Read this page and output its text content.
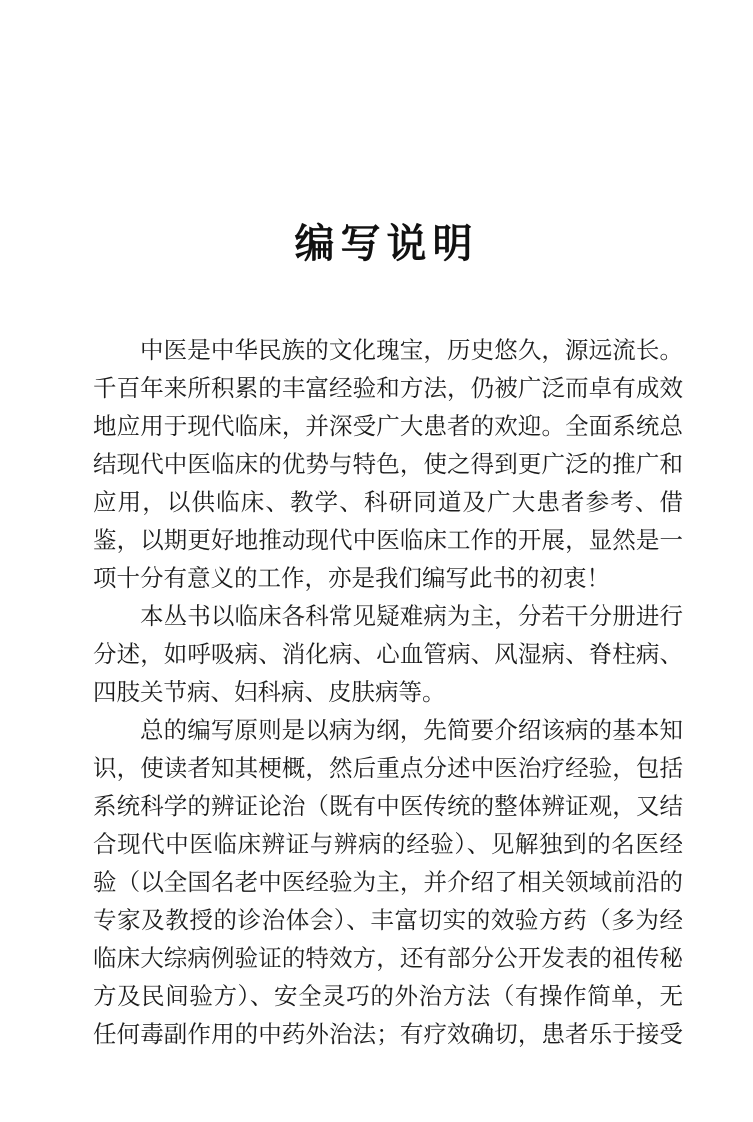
编写说明

中医是中华民族的文化瑰宝，历史悠久，源远流长。千百年来所积累的丰富经验和方法，仍被广泛而卓有成效地应用于现代临床，并深受广大患者的欢迎。全面系统总结现代中医临床的优势与特色，使之得到更广泛的推广和应用，以供临床、教学、科研同道及广大患者参考、借鉴，以期更好地推动现代中医临床工作的开展，显然是一项十分有意义的工作，亦是我们编写此书的初衷！

本丛书以临床各科常见疑难病为主，分若干分册进行分述，如呼吸病、消化病、心血管病、风湿病、脊柱病、四肢关节病、妇科病、皮肤病等。

总的编写原则是以病为纲，先简要介绍该病的基本知识，使读者知其梗概，然后重点分述中医治疗经验，包括系统科学的辨证论治（既有中医传统的整体辨证观，又结合现代中医临床辨证与辨病的经验）、见解独到的名医经验（以全国名老中医经验为主，并介绍了相关领域前沿的专家及教授的诊治体会）、丰富切实的效验方药（多为经临床大综病例验证的特效方，还有部分公开发表的祖传秘方及民间验方）、安全灵巧的外治方法（有操作简单，无任何毒副作用的中药外治法；有疗效确切，患者乐于接受
